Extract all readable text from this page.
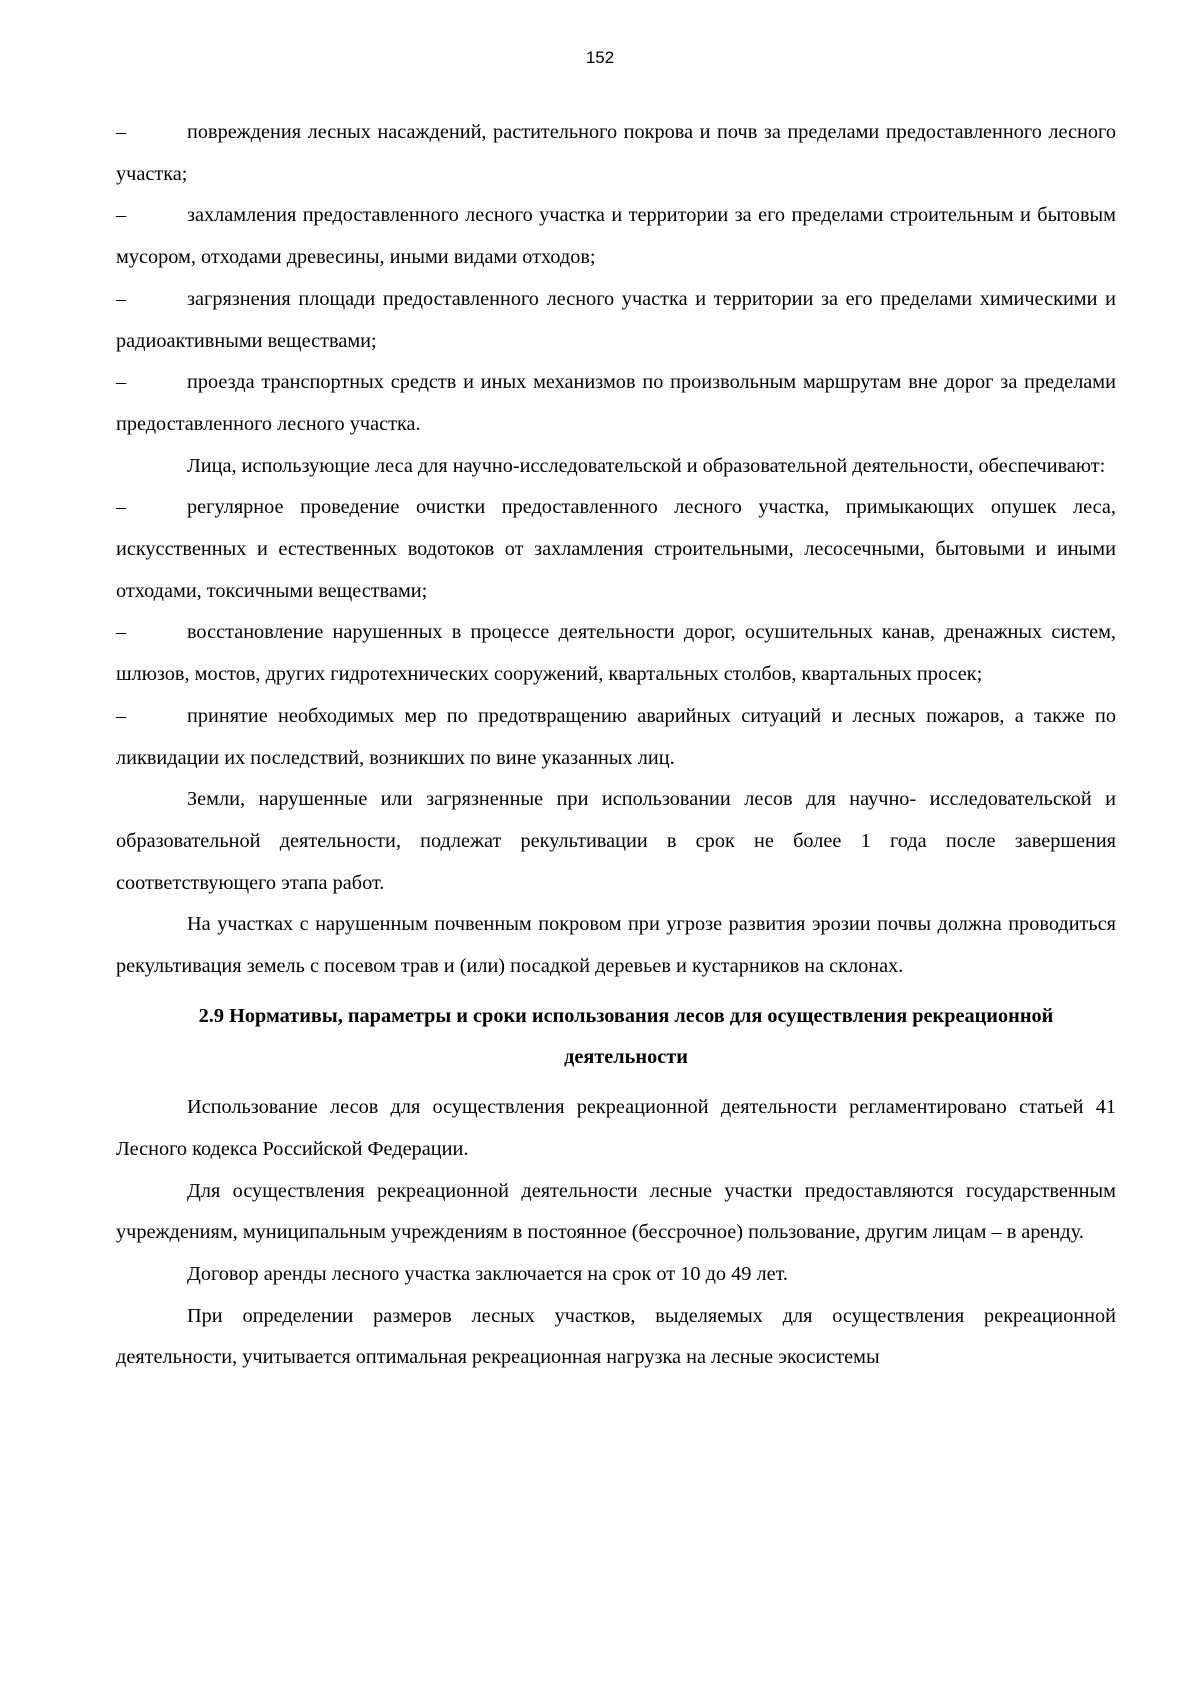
152

–	повреждения лесных насаждений, растительного покрова и почв за пределами предоставленного лесного участка;

–	захламления предоставленного лесного участка и территории за его пределами строительным и бытовым мусором, отходами древесины, иными видами отходов;

–	загрязнения площади предоставленного лесного участка и территории за его пределами химическими и радиоактивными веществами;

–	проезда транспортных средств и иных механизмов по произвольным маршрутам вне дорог за пределами предоставленного лесного участка.

Лица, использующие леса для научно-исследовательской и образовательной деятельности, обеспечивают:

–	регулярное проведение очистки предоставленного лесного участка, примыкающих опушек леса, искусственных и естественных водотоков от захламления строительными, лесосечными, бытовыми и иными отходами, токсичными веществами;

–	восстановление нарушенных в процессе деятельности дорог, осушительных канав, дренажных систем, шлюзов, мостов, других гидротехнических сооружений, квартальных столбов, квартальных просек;

–	принятие необходимых мер по предотвращению аварийных ситуаций и лесных пожаров, а также по ликвидации их последствий, возникших по вине указанных лиц.

Земли, нарушенные или загрязненные при использовании лесов для научно- исследовательской и образовательной деятельности, подлежат рекультивации в срок не более 1 года после завершения соответствующего этапа работ.

На участках с нарушенным почвенным покровом при угрозе развития эрозии почвы должна проводиться рекультивация земель с посевом трав и (или) посадкой деревьев и кустарников на склонах.

2.9 Нормативы, параметры и сроки использования лесов для осуществления рекреационной деятельности

Использование лесов для осуществления рекреационной деятельности регламентировано статьей 41 Лесного кодекса Российской Федерации.

Для осуществления рекреационной деятельности лесные участки предоставляются государственным учреждениям, муниципальным учреждениям в постоянное (бессрочное) пользование, другим лицам – в аренду.

Договор аренды лесного участка заключается на срок от 10 до 49 лет.

При определении размеров лесных участков, выделяемых для осуществления рекреационной деятельности, учитывается оптимальная рекреационная нагрузка на лесные экосистемы
